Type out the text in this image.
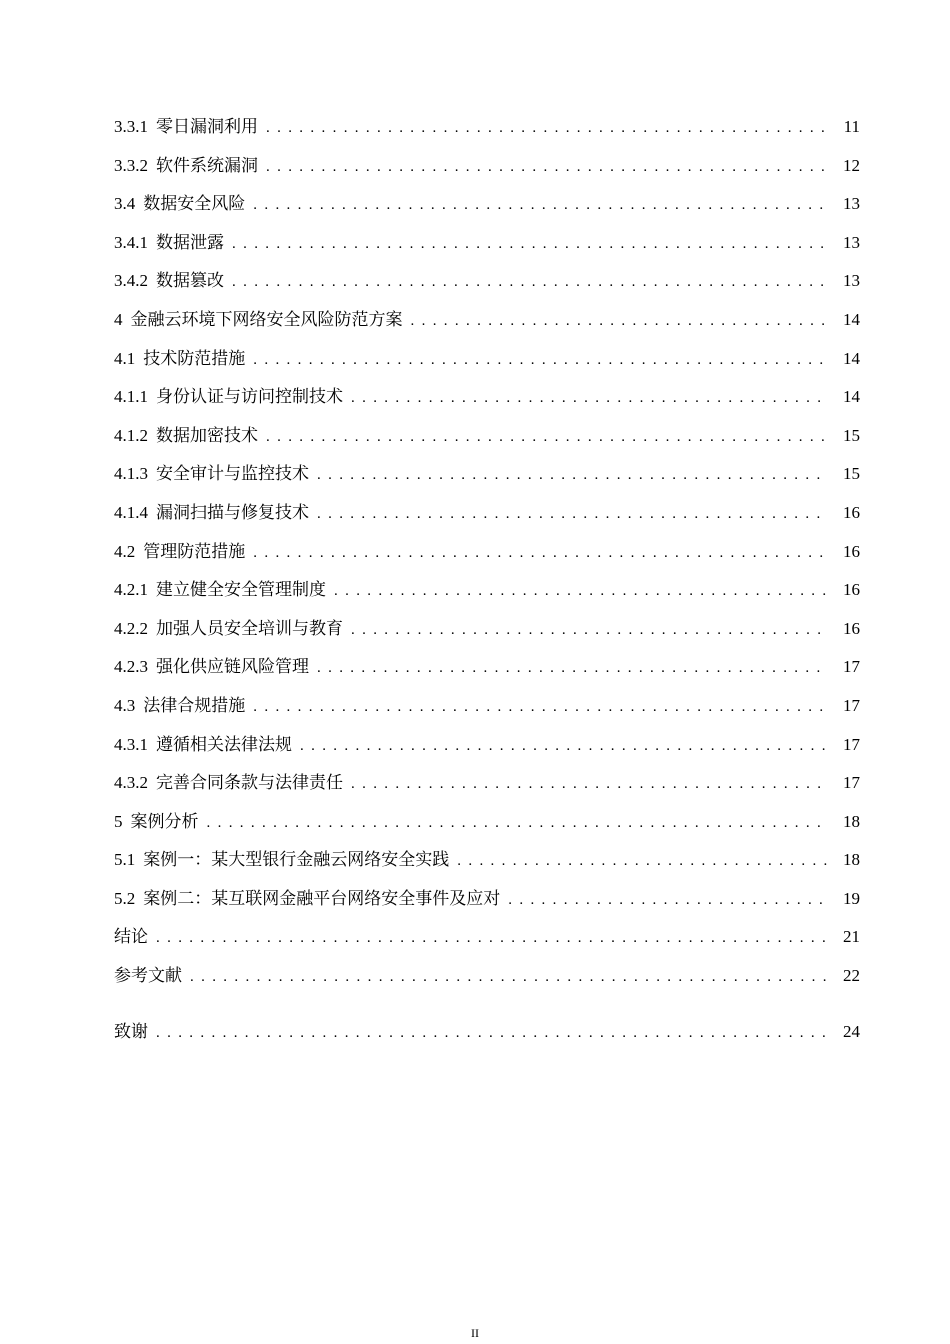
3.3.1 零日漏洞利用 . . .	11
3.3.2 软件系统漏洞 . . .	12
3.4 数据安全风险 . . .	13
3.4.1 数据泄露 . . .	13
3.4.2 数据篡改 . . .	13
4 金融云环境下网络安全风险防范方案 . . .	14
4.1 技术防范措施 . . .	14
4.1.1 身份认证与访问控制技术 . . .	14
4.1.2 数据加密技术 . . .	15
4.1.3 安全审计与监控技术 . . .	15
4.1.4 漏洞扫描与修复技术 . . .	16
4.2 管理防范措施 . . .	16
4.2.1 建立健全安全管理制度 . . .	16
4.2.2 加强人员安全培训与教育 . . .	16
4.2.3 强化供应链风险管理 . . .	17
4.3 法律合规措施 . . .	17
4.3.1 遵循相关法律法规 . . .	17
4.3.2 完善合同条款与法律责任 . . .	17
5 案例分析 . . .	18
5.1 案例一：某大型银行金融云网络安全实践 . . .	18
5.2 案例二：某互联网金融平台网络安全事件及应对 . . .	19
结论 . . .	21
参考文献 . . .	22
致谢 . . .	24
II
